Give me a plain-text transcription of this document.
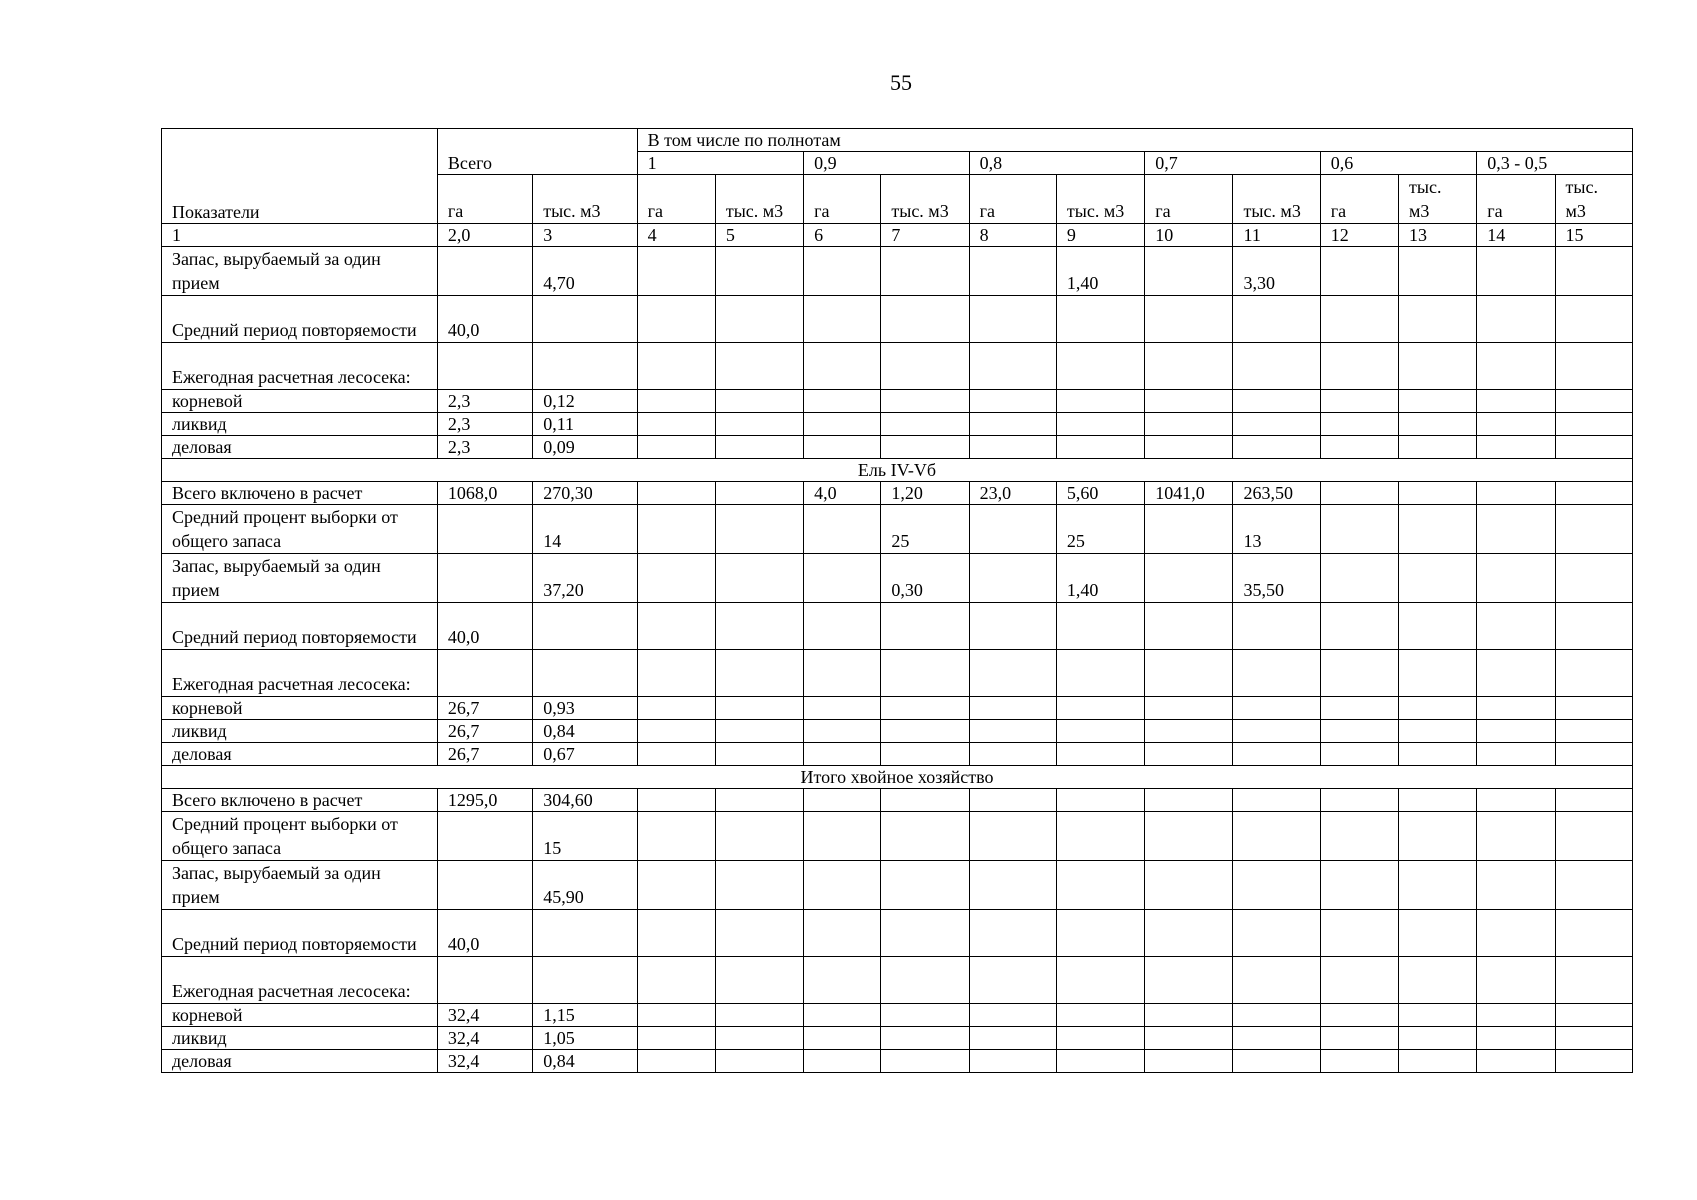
55
Показатели	Всего		В том числе по полнотам											
			1		0,9		0,8		0,7		0,6		0,3 - 0,5	
	га	тыс. м3	га	тыс. м3	га	тыс. м3	га	тыс. м3	га	тыс. м3	га	тыс. м3	га	тыс. м3
1	2,0	3	4	5	6	7	8	9	10	11	12	13	14	15
Запас, вырубаемый за один прием		4,70						1,40		3,30				
Средний период повторяемости	40,0													
Ежегодная расчетная лесосека:														
корневой	2,3	0,12												
ликвид	2,3	0,11												
деловая	2,3	0,09												
Ель IV-Vб														
Всего включено в расчет	1068,0	270,30			4,0	1,20	23,0	5,60	1041,0	263,50				
Средний процент выборки от общего запаса		14				25		25		13				
Запас, вырубаемый за один прием		37,20				0,30		1,40		35,50				
Средний период повторяемости	40,0													
Ежегодная расчетная лесосека:														
корневой	26,7	0,93												
ликвид	26,7	0,84												
деловая	26,7	0,67												
Итого хвойное хозяйство														
Всего включено в расчет	1295,0	304,60												
Средний процент выборки от общего запаса		15												
Запас, вырубаемый за один прием		45,90												
Средний период повторяемости	40,0													
Ежегодная расчетная лесосека:														
корневой	32,4	1,15												
ликвид	32,4	1,05												
деловая	32,4	0,84												
